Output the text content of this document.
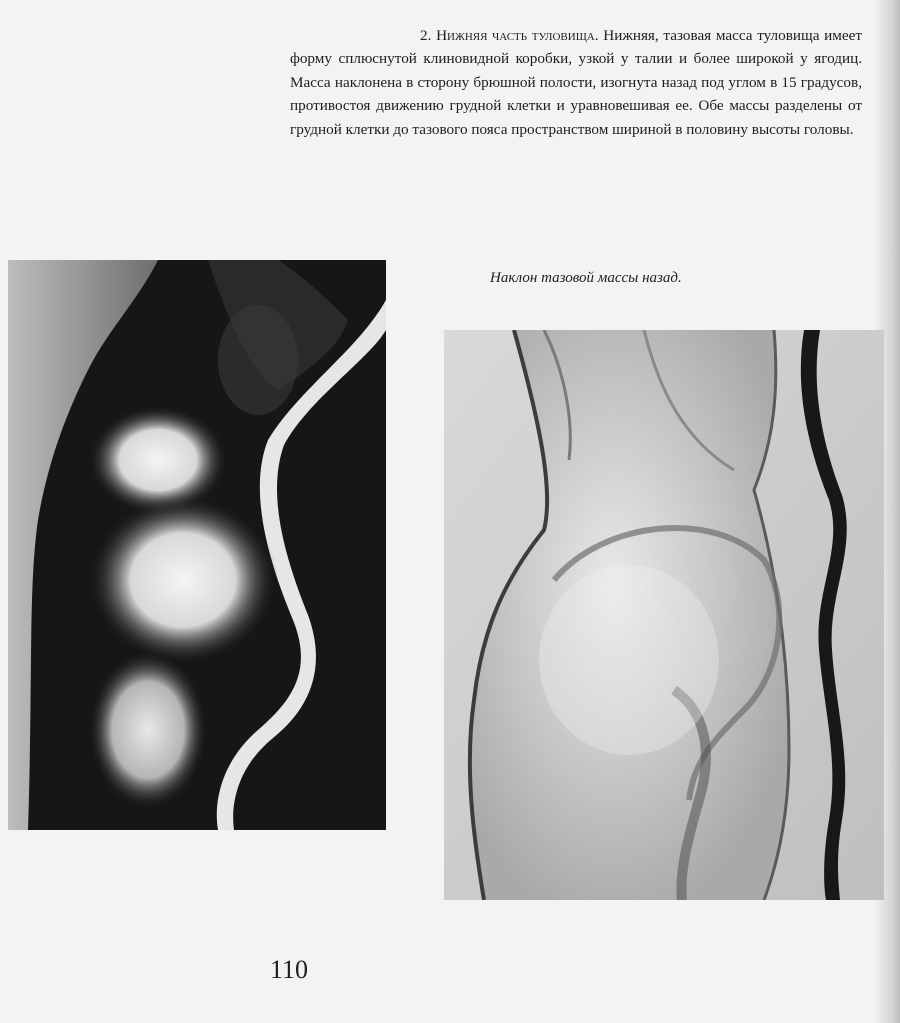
2. Нижняя часть туловища. Нижняя, тазовая масса туловища имеет форму сплюснутой клиновидной коробки, узкой у талии и более широкой у ягодиц. Масса наклонена в сторону брюшной полости, изогнута назад под углом в 15 градусов, противостоя движению грудной клетки и уравновешивая ее. Обе массы разделены от грудной клетки до тазового пояса пространством шириной в половину высоты головы.

Наклон тазовой массы назад.

110
